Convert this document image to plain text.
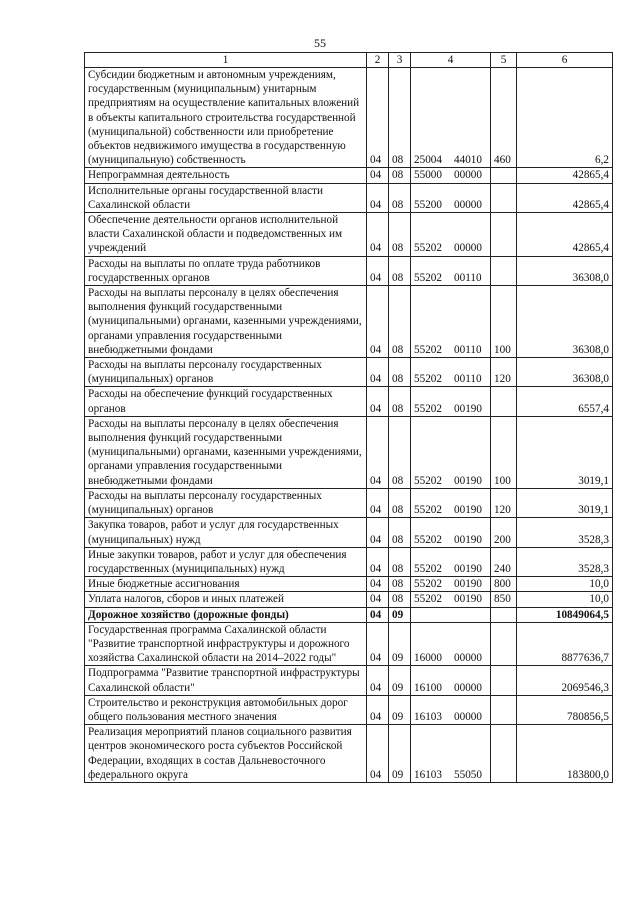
55
1	2	3	4	5	6
Субсидии бюджетным и автономным учреждениям, государственным (муниципальным) унитарным предприятиям на осуществление капитальных вложений в объекты капитального строительства государственной (муниципальной) собственности или приобретение объектов недвижимого имущества в государственную (муниципальную) собственность	04	08	25004 44010	460	6,2
Непрограммная деятельность	04	08	55000 00000		42865,4
Исполнительные органы государственной власти Сахалинской области	04	08	55200 00000		42865,4
Обеспечение деятельности органов исполнительной власти Сахалинской области и подведомственных им учреждений	04	08	55202 00000		42865,4
Расходы на выплаты по оплате труда работников государственных органов	04	08	55202 00110		36308,0
Расходы на выплаты персоналу в целях обеспечения выполнения функций государственными (муниципальными) органами, казенными учреждениями, органами управления государственными внебюджетными фондами	04	08	55202 00110	100	36308,0
Расходы на выплаты персоналу государственных (муниципальных) органов	04	08	55202 00110	120	36308,0
Расходы на обеспечение функций государственных органов	04	08	55202 00190		6557,4
Расходы на выплаты персоналу в целях обеспечения выполнения функций государственными (муниципальными) органами, казенными учреждениями, органами управления государственными внебюджетными фондами	04	08	55202 00190	100	3019,1
Расходы на выплаты персоналу государственных (муниципальных) органов	04	08	55202 00190	120	3019,1
Закупка товаров, работ и услуг для государственных (муниципальных) нужд	04	08	55202 00190	200	3528,3
Иные закупки товаров, работ и услуг для обеспечения государственных (муниципальных) нужд	04	08	55202 00190	240	3528,3
Иные бюджетные ассигнования	04	08	55202 00190	800	10,0
Уплата налогов, сборов и иных платежей	04	08	55202 00190	850	10,0
Дорожное хозяйство (дорожные фонды)	04	09			10849064,5
Государственная программа Сахалинской области "Развитие транспортной инфраструктуры и дорожного хозяйства Сахалинской области на 2014–2022 годы"	04	09	16000 00000		8877636,7
Подпрограмма "Развитие транспортной инфраструктуры Сахалинской области"	04	09	16100 00000		2069546,3
Строительство и реконструкция автомобильных дорог общего пользования местного значения	04	09	16103 00000		780856,5
Реализация мероприятий планов социального развития центров экономического роста субъектов Российской Федерации, входящих в состав Дальневосточного федерального округа	04	09	16103 55050		183800,0
